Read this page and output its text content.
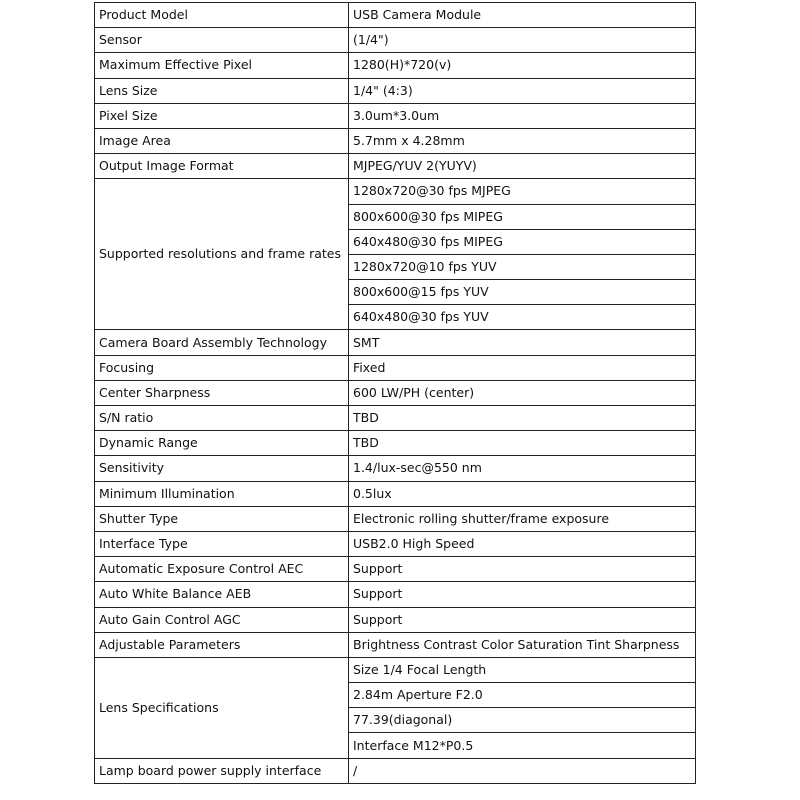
Product Model	USB Camera Module
Sensor	(1/4")
Maximum Effective Pixel	1280(H)*720(v)
Lens Size	1/4" (4:3)
Pixel Size	3.0um*3.0um
Image Area	5.7mm x 4.28mm
Output Image Format	MJPEG/YUV 2(YUYV)
Supported resolutions and frame rates	1280x720@30 fps MJPEG
	800x600@30 fps MIPEG
	640x480@30 fps MIPEG
	1280x720@10 fps YUV
	800x600@15 fps YUV
	640x480@30 fps YUV
Camera Board Assembly Technology	SMT
Focusing	Fixed
Center Sharpness	600 LW/PH (center)
S/N ratio	TBD
Dynamic Range	TBD
Sensitivity	1.4/lux-sec@550 nm
Minimum Illumination	0.5lux
Shutter Type	Electronic rolling shutter/frame exposure
Interface Type	USB2.0 High Speed
Automatic Exposure Control AEC	Support
Auto White Balance AEB	Support
Auto Gain Control AGC	Support
Adjustable Parameters	Brightness Contrast Color Saturation Tint Sharpness
Lens Specifications	Size 1/4 Focal Length
	2.84m Aperture F2.0
	77.39(diagonal)
	Interface M12*P0.5
Lamp board power supply interface	/
